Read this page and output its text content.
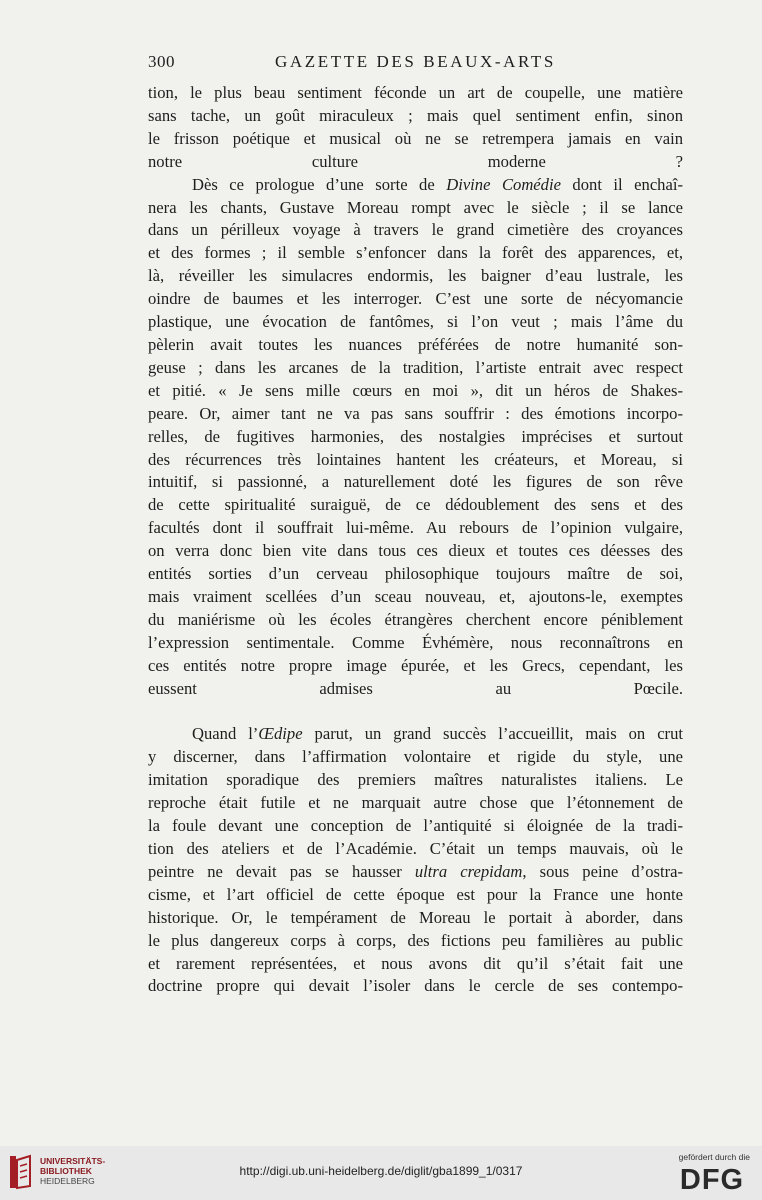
300	GAZETTE DES BEAUX-ARTS

tion, le plus beau sentiment féconde un art de coupelle, une matière
sans tache, un goût miraculeux ; mais quel sentiment enfin, sinon
le frisson poétique et musical où ne se retrempera jamais en vain
notre culture moderne ?

Dès ce prologue d’une sorte de Divine Comédie dont il enchaî-
nera les chants, Gustave Moreau rompt avec le siècle ; il se lance
dans un périlleux voyage à travers le grand cimetière des croyances
et des formes ; il semble s’enfoncer dans la forêt des apparences, et,
là, réveiller les simulacres endormis, les baigner d’eau lustrale, les
oindre de baumes et les interroger. C’est une sorte de nécyomancie
plastique, une évocation de fantômes, si l’on veut ; mais l’âme du
pèlerin avait toutes les nuances préférées de notre humanité son-
geuse ; dans les arcanes de la tradition, l’artiste entrait avec respect
et pitié. « Je sens mille cœurs en moi », dit un héros de Shakes-
peare. Or, aimer tant ne va pas sans souffrir : des émotions incorpo-
relles, de fugitives harmonies, des nostalgies imprécises et surtout
des récurrences très lointaines hantent les créateurs, et Moreau, si
intuitif, si passionné, a naturellement doté les figures de son rêve
de cette spiritualité suraiguë, de ce dédoublement des sens et des
facultés dont il souffrait lui-même. Au rebours de l’opinion vulgaire,
on verra donc bien vite dans tous ces dieux et toutes ces déesses des
entités sorties d’un cerveau philosophique toujours maître de soi,
mais vraiment scellées d’un sceau nouveau, et, ajoutons-le, exemptes
du maniérisme où les écoles étrangères cherchent encore péniblement
l’expression sentimentale. Comme Évhémère, nous reconnaîtrons en
ces entités notre propre image épurée, et les Grecs, cependant, les
eussent admises au Pœcile.

Quand l’Œdipe parut, un grand succès l’accueillit, mais on crut
y discerner, dans l’affirmation volontaire et rigide du style, une
imitation sporadique des premiers maîtres naturalistes italiens. Le
reproche était futile et ne marquait autre chose que l’étonnement de
la foule devant une conception de l’antiquité si éloignée de la tradi-
tion des ateliers et de l’Académie. C’était un temps mauvais, où le
peintre ne devait pas se hausser ultra crepidam, sous peine d’ostra-
cisme, et l’art officiel de cette époque est pour la France une honte
historique. Or, le tempérament de Moreau le portait à aborder, dans
le plus dangereux corps à corps, des fictions peu familières au public
et rarement représentées, et nous avons dit qu’il s’était fait une
doctrine propre qui devait l’isoler dans le cercle de ses contempo-

UNIVERSITÄTS-
BIBLIOTHEK
HEIDELBERG
http://digi.ub.uni-heidelberg.de/diglit/gba1899_1/0317
gefördert durch die
DFG
